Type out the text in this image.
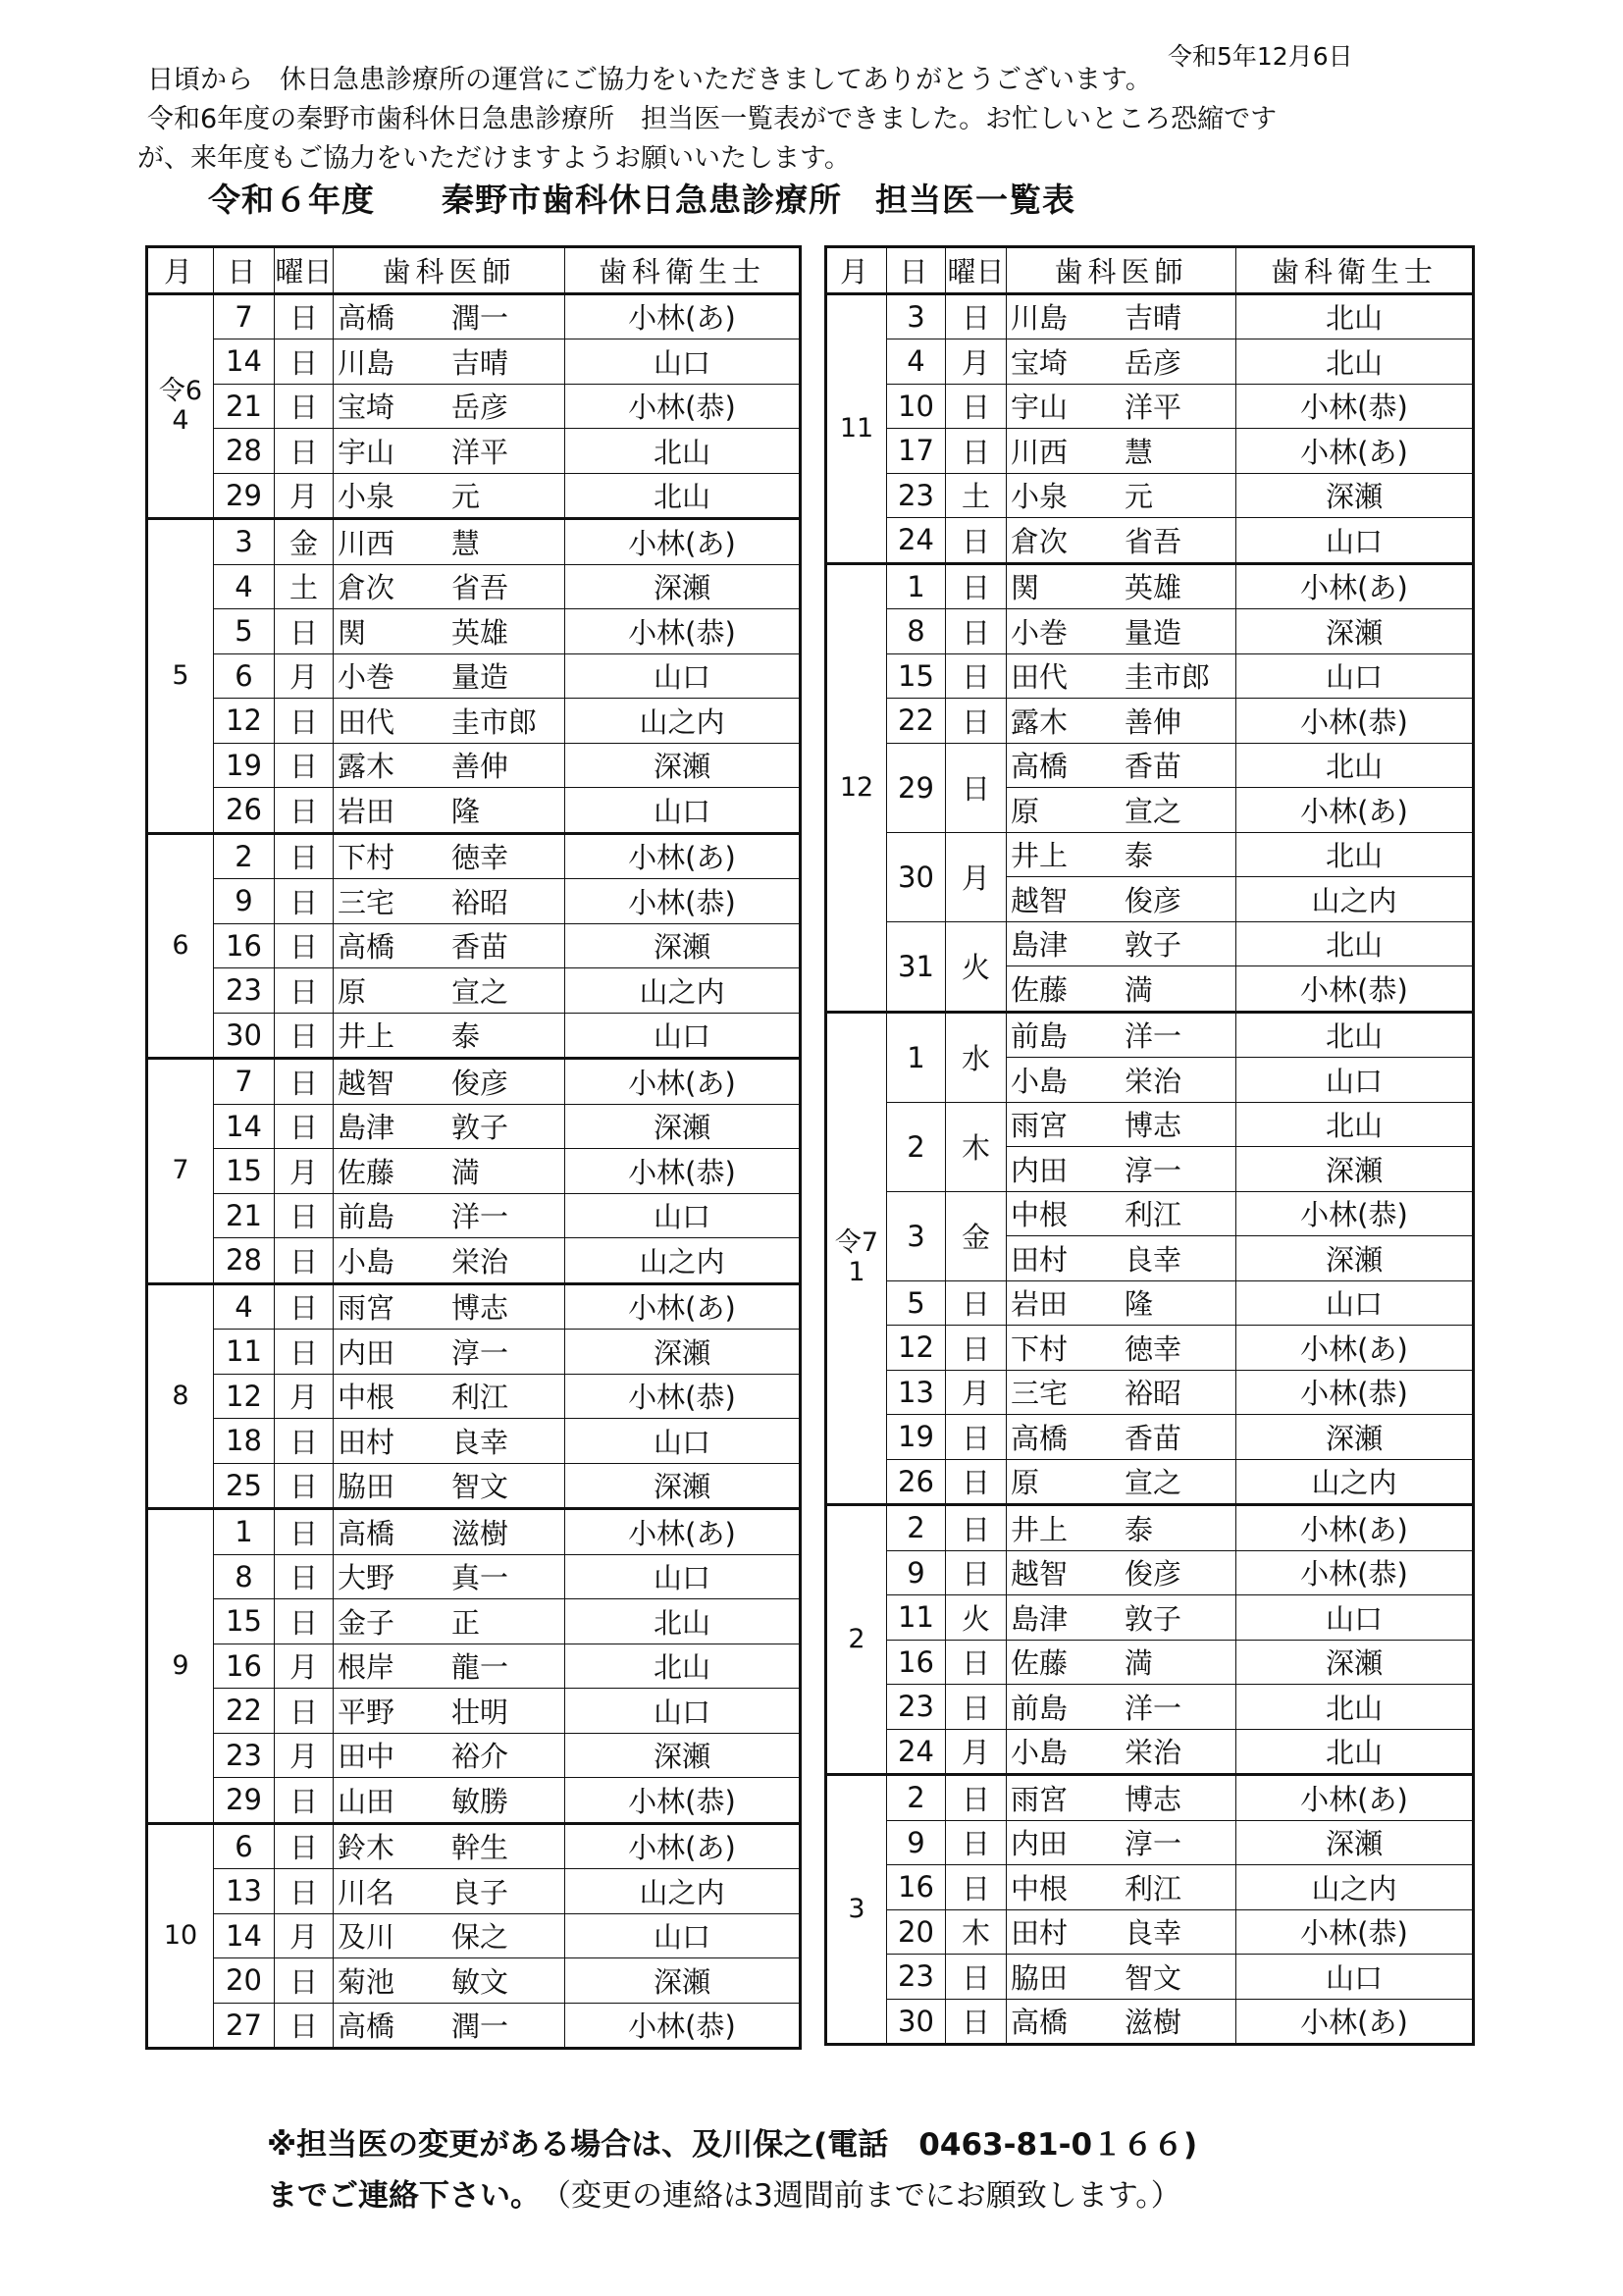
令和5年12月6日
日頃から　休日急患診療所の運営にご協力をいただきましてありがとうございます。
令和6年度の秦野市歯科休日急患診療所　担当医一覧表ができました。お忙しいところ恐縮です
が、来年度もご協力をいただけますようお願いいたします。
令和６年度　　秦野市歯科休日急患診療所　担当医一覧表
月	日	曜日	歯科医師	歯科衛生士
令6
4	7	日	高橋　　潤一	小林(あ)
	14	日	川島　　吉晴	山口
	21	日	宝埼　　岳彦	小林(恭)
	28	日	宇山　　洋平	北山
	29	月	小泉　　元	北山
5	3	金	川西　　慧	小林(あ)
	4	土	倉次　　省吾	深瀬
	5	日	関　　　英雄	小林(恭)
	6	月	小巻　　量造	山口
	12	日	田代　　圭市郎	山之内
	19	日	露木　　善伸	深瀬
	26	日	岩田　　隆	山口
6	2	日	下村　　徳幸	小林(あ)
	9	日	三宅　　裕昭	小林(恭)
	16	日	高橋　　香苗	深瀬
	23	日	原　　　宣之	山之内
	30	日	井上　　泰	山口
7	7	日	越智　　俊彦	小林(あ)
	14	日	島津　　敦子	深瀬
	15	月	佐藤　　満	小林(恭)
	21	日	前島　　洋一	山口
	28	日	小島　　栄治	山之内
8	4	日	雨宮　　博志	小林(あ)
	11	日	内田　　淳一	深瀬
	12	月	中根　　利江	小林(恭)
	18	日	田村　　良幸	山口
	25	日	脇田　　智文	深瀬
9	1	日	高橋　　滋樹	小林(あ)
	8	日	大野　　真一	山口
	15	日	金子　　正	北山
	16	月	根岸　　龍一	北山
	22	日	平野　　壮明	山口
	23	月	田中　　裕介	深瀬
	29	日	山田　　敏勝	小林(恭)
10	6	日	鈴木　　幹生	小林(あ)
	13	日	川名　　良子	山之内
	14	月	及川　　保之	山口
	20	日	菊池　　敏文	深瀬
	27	日	高橋　　潤一	小林(恭)
月	日	曜日	歯科医師	歯科衛生士
11	3	日	川島　　吉晴	北山
	4	月	宝埼　　岳彦	北山
	10	日	宇山　　洋平	小林(恭)
	17	日	川西　　慧	小林(あ)
	23	土	小泉　　元	深瀬
	24	日	倉次　　省吾	山口
12	1	日	関　　　英雄	小林(あ)
	8	日	小巻　　量造	深瀬
	15	日	田代　　圭市郎	山口
	22	日	露木　　善伸	小林(恭)
	29	日	高橋　　香苗	北山
			原　　　宣之	小林(あ)
	30	月	井上　　泰	北山
			越智　　俊彦	山之内
	31	火	島津　　敦子	北山
			佐藤　　満	小林(恭)
令7
1	1	水	前島　　洋一	北山
			小島　　栄治	山口
	2	木	雨宮　　博志	北山
			内田　　淳一	深瀬
	3	金	中根　　利江	小林(恭)
			田村　　良幸	深瀬
	5	日	岩田　　隆	山口
	12	日	下村　　徳幸	小林(あ)
	13	月	三宅　　裕昭	小林(恭)
	19	日	高橋　　香苗	深瀬
	26	日	原　　　宣之	山之内
2	2	日	井上　　泰	小林(あ)
	9	日	越智　　俊彦	小林(恭)
	11	火	島津　　敦子	山口
	16	日	佐藤　　満	深瀬
	23	日	前島　　洋一	北山
	24	月	小島　　栄治	北山
3	2	日	雨宮　　博志	小林(あ)
	9	日	内田　　淳一	深瀬
	16	日	中根　　利江	山之内
	20	木	田村　　良幸	小林(恭)
	23	日	脇田　　智文	山口
	30	日	高橋　　滋樹	小林(あ)
※担当医の変更がある場合は、及川保之(電話　0463-81-0１６６)
までご連絡下さい。　（変更の連絡は3週間前までにお願致します。）
